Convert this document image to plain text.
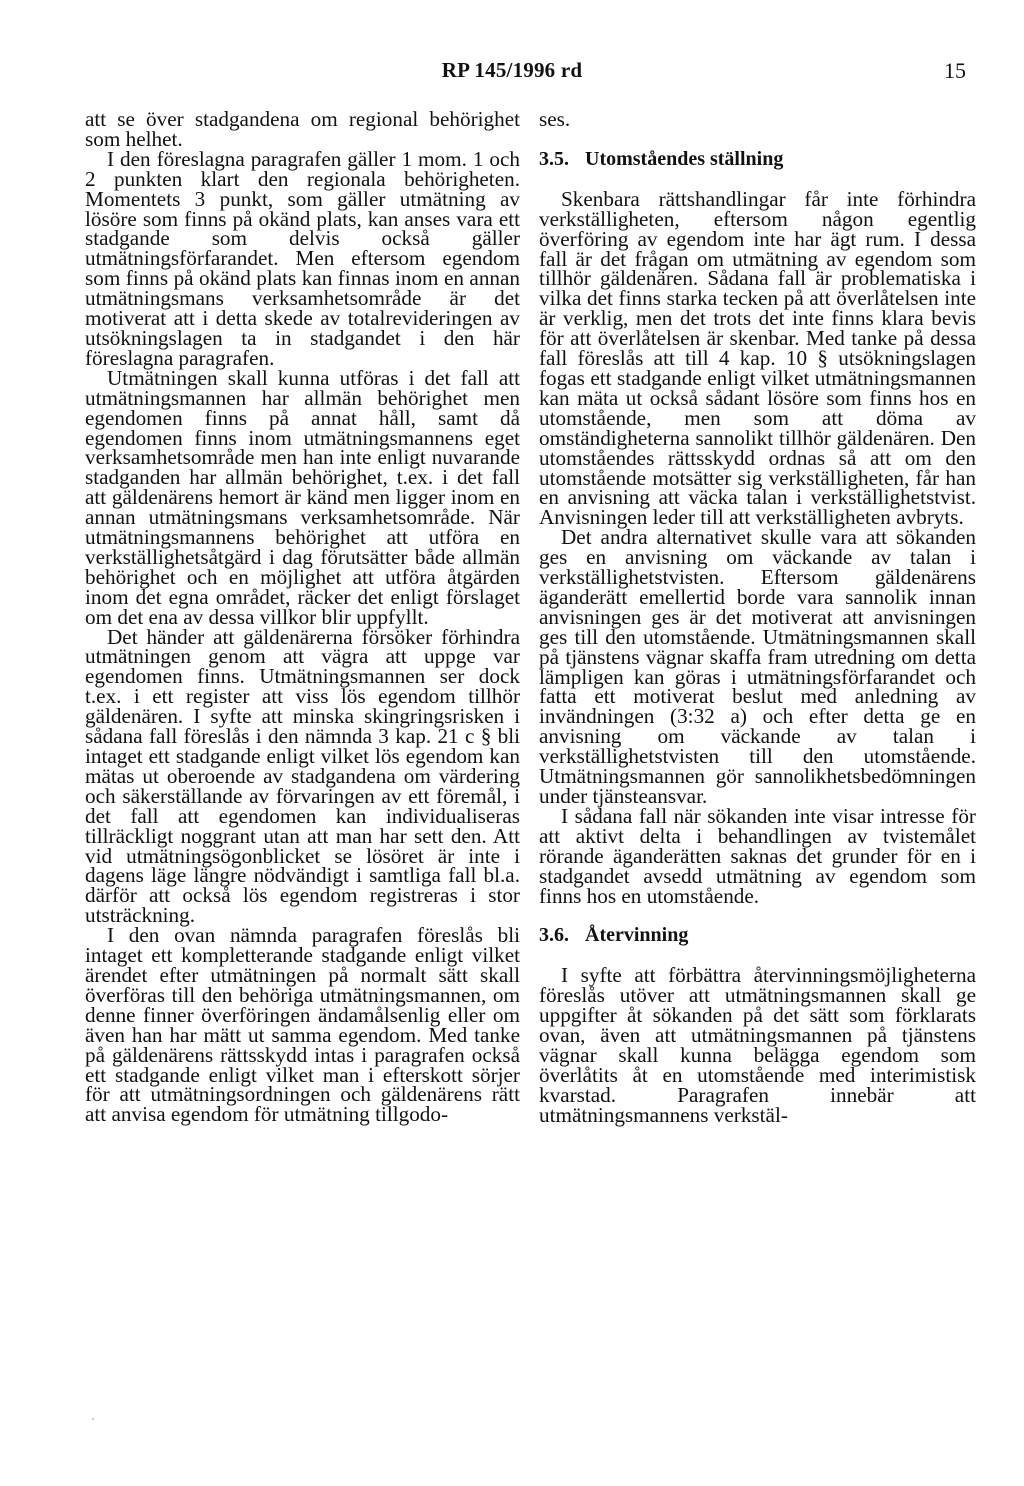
RP 145/1996 rd	15

att se över stadgandena om regional behörighet som helhet.

I den föreslagna paragrafen gäller 1 mom. 1 och 2 punkten klart den regionala behörigheten. Momentets 3 punkt, som gäller utmätning av lösöre som finns på okänd plats, kan anses vara ett stadgande som delvis också gäller utmätningsförfarandet. Men eftersom egendom som finns på okänd plats kan finnas inom en annan utmätningsmans verksamhetsområde är det motiverat att i detta skede av totalrevideringen av utsökningslagen ta in stadgandet i den här föreslagna paragrafen.

Utmätningen skall kunna utföras i det fall att utmätningsmannen har allmän behörighet men egendomen finns på annat håll, samt då egendomen finns inom utmätningsmannens eget verksamhetsområde men han inte enligt nuvarande stadganden har allmän behörighet, t.ex. i det fall att gäldenärens hemort är känd men ligger inom en annan utmätningsmans verksamhetsområde. När utmätningsmannens behörighet att utföra en verkställighetsåtgärd i dag förutsätter både allmän behörighet och en möjlighet att utföra åtgärden inom det egna området, räcker det enligt förslaget om det ena av dessa villkor blir uppfyllt.

Det händer att gäldenärerna försöker förhindra utmätningen genom att vägra att uppge var egendomen finns. Utmätningsmannen ser dock t.ex. i ett register att viss lös egendom tillhör gäldenären. I syfte att minska skingringsrisken i sådana fall föreslås i den nämnda 3 kap. 21 c § bli intaget ett stadgande enligt vilket lös egendom kan mätas ut oberoende av stadgandena om värdering och säkerställande av förvaringen av ett föremål, i det fall att egendomen kan individualiseras tillräckligt noggrant utan att man har sett den. Att vid utmätningsögonblicket se lösöret är inte i dagens läge längre nödvändigt i samtliga fall bl.a. därför att också lös egendom registreras i stor utsträckning.

I den ovan nämnda paragrafen föreslås bli intaget ett kompletterande stadgande enligt vilket ärendet efter utmätningen på normalt sätt skall överföras till den behöriga utmätningsmannen, om denne finner överföringen ändamålsenlig eller om även han har mätt ut samma egendom. Med tanke på gäldenärens rättsskydd intas i paragrafen också ett stadgande enligt vilket man i efterskott sörjer för att utmätningsordningen och gäldenärens rätt att anvisa egendom för utmätning tillgodo-

ses.

3.5. Utomståendes ställning

Skenbara rättshandlingar får inte förhindra verkställigheten, eftersom någon egentlig överföring av egendom inte har ägt rum. I dessa fall är det frågan om utmätning av egendom som tillhör gäldenären. Sådana fall är problematiska i vilka det finns starka tecken på att överlåtelsen inte är verklig, men det trots det inte finns klara bevis för att överlåtelsen är skenbar. Med tanke på dessa fall föreslås att till 4 kap. 10 § utsökningslagen fogas ett stadgande enligt vilket utmätningsmannen kan mäta ut också sådant lösöre som finns hos en utomstående, men som att döma av omständigheterna sannolikt tillhör gäldenären. Den utomståendes rättsskydd ordnas så att om den utomstående motsätter sig verkställigheten, får han en anvisning att väcka talan i verkställighetstvist. Anvisningen leder till att verkställigheten avbryts.

Det andra alternativet skulle vara att sökanden ges en anvisning om väckande av talan i verkställighetstvisten. Eftersom gäldenärens äganderätt emellertid borde vara sannolik innan anvisningen ges är det motiverat att anvisningen ges till den utomstående. Utmätningsmannen skall på tjänstens vägnar skaffa fram utredning om detta lämpligen kan göras i utmätningsförfarandet och fatta ett motiverat beslut med anledning av invändningen (3:32 a) och efter detta ge en anvisning om väckande av talan i verkställighetstvisten till den utomstående. Utmätningsmannen gör sannolikhetsbedömningen under tjänsteansvar.

I sådana fall när sökanden inte visar intresse för att aktivt delta i behandlingen av tvistemålet rörande äganderätten saknas det grunder för en i stadgandet avsedd utmätning av egendom som finns hos en utomstående.

3.6. Återvinning

I syfte att förbättra återvinningsmöjligheterna föreslås utöver att utmätningsmannen skall ge uppgifter åt sökanden på det sätt som förklarats ovan, även att utmätningsmannen på tjänstens vägnar skall kunna belägga egendom som överlåtits åt en utomstående med interimistisk kvarstad. Paragrafen innebär att utmätningsmannens verkstäl-
